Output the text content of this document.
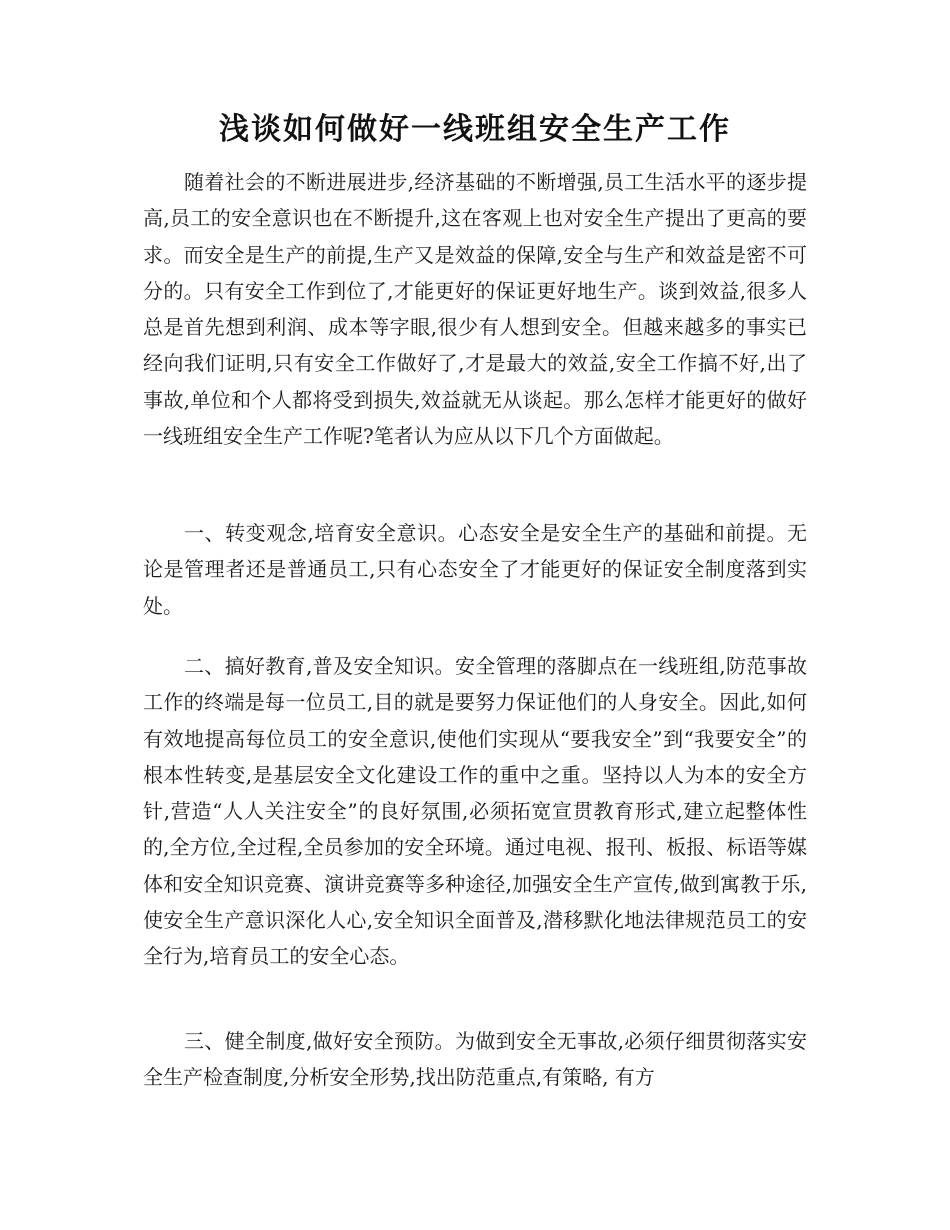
浅谈如何做好一线班组安全生产工作

随着社会的不断进展进步,经济基础的不断增强,员工生活水平的逐步提高,员工的安全意识也在不断提升,这在客观上也对安全生产提出了更高的要求。而安全是生产的前提,生产又是效益的保障,安全与生产和效益是密不可分的。只有安全工作到位了,才能更好的保证更好地生产。谈到效益,很多人总是首先想到利润、成本等字眼,很少有人想到安全。但越来越多的事实已经向我们证明,只有安全工作做好了,才是最大的效益,安全工作搞不好,出了事故,单位和个人都将受到损失,效益就无从谈起。那么怎样才能更好的做好一线班组安全生产工作呢?笔者认为应从以下几个方面做起。

一、转变观念,培育安全意识。心态安全是安全生产的基础和前提。无论是管理者还是普通员工,只有心态安全了才能更好的保证安全制度落到实处。

二、搞好教育,普及安全知识。安全管理的落脚点在一线班组,防范事故工作的终端是每一位员工,目的就是要努力保证他们的人身安全。因此,如何有效地提高每位员工的安全意识,使他们实现从“要我安全”到“我要安全”的根本性转变,是基层安全文化建设工作的重中之重。坚持以人为本的安全方针,营造“人人关注安全”的良好氛围,必须拓宽宣贯教育形式,建立起整体性的,全方位,全过程,全员参加的安全环境。通过电视、报刊、板报、标语等媒体和安全知识竞赛、演讲竞赛等多种途径,加强安全生产宣传,做到寓教于乐,使安全生产意识深化人心,安全知识全面普及,潜移默化地法律规范员工的安全行为,培育员工的安全心态。

三、健全制度,做好安全预防。为做到安全无事故,必须仔细贯彻落实安全生产检查制度,分析安全形势,找出防范重点,有策略, 有方
